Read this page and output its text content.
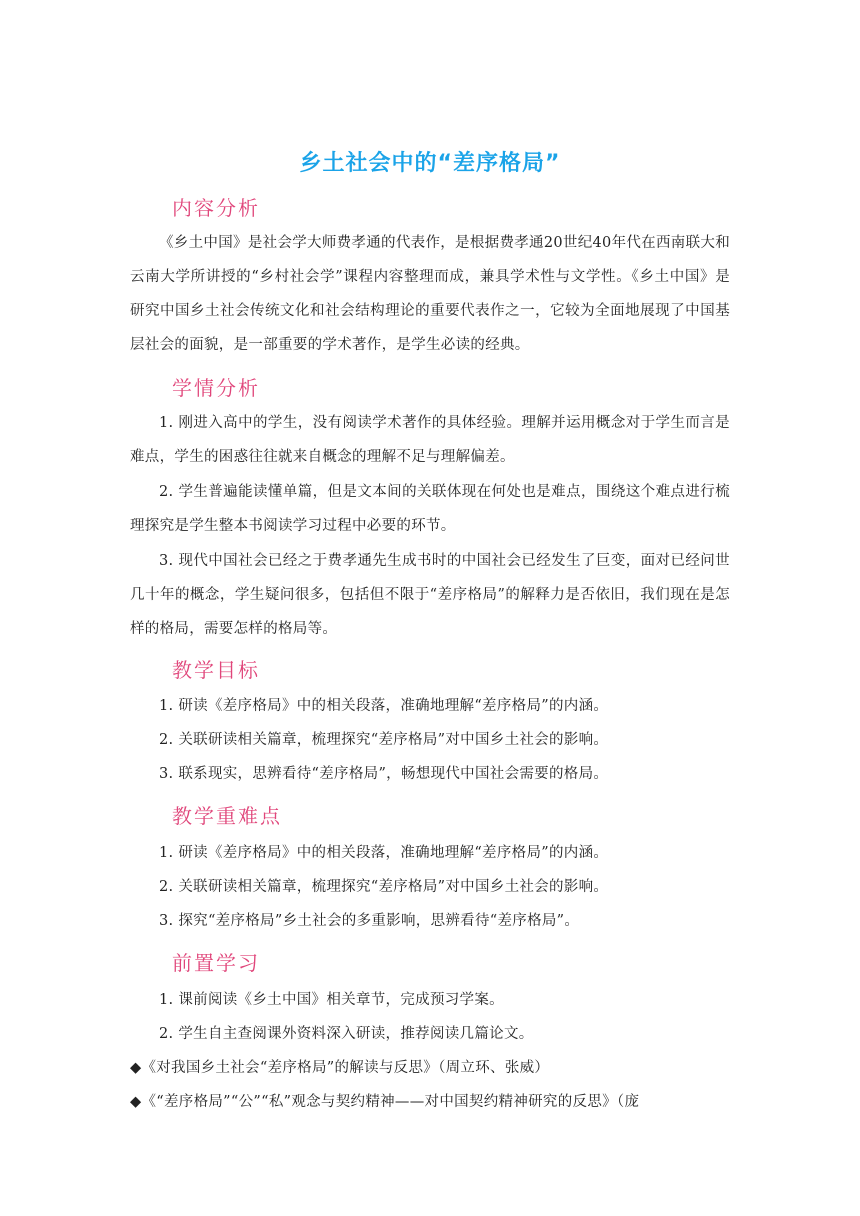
乡土社会中的“差序格局”
内容分析
《乡土中国》是社会学大师费孝通的代表作，是根据费孝通20世纪40年代在西南联大和云南大学所讲授的“乡村社会学”课程内容整理而成，兼具学术性与文学性。《乡土中国》是研究中国乡土社会传统文化和社会结构理论的重要代表作之一，它较为全面地展现了中国基层社会的面貌，是一部重要的学术著作，是学生必读的经典。
学情分析
1. 刚进入高中的学生，没有阅读学术著作的具体经验。理解并运用概念对于学生而言是难点，学生的困惑往往就来自概念的理解不足与理解偏差。
2. 学生普遍能读懂单篇，但是文本间的关联体现在何处也是难点，围绕这个难点进行梳理探究是学生整本书阅读学习过程中必要的环节。
3. 现代中国社会已经之于费孝通先生成书时的中国社会已经发生了巨变，面对已经问世几十年的概念，学生疑问很多，包括但不限于“差序格局”的解释力是否依旧，我们现在是怎样的格局，需要怎样的格局等。
教学目标
1. 研读《差序格局》中的相关段落，准确地理解“差序格局”的内涵。
2. 关联研读相关篇章，梳理探究“差序格局”对中国乡土社会的影响。
3. 联系现实，思辨看待“差序格局”，畅想现代中国社会需要的格局。
教学重难点
1. 研读《差序格局》中的相关段落，准确地理解“差序格局”的内涵。
2. 关联研读相关篇章，梳理探究“差序格局”对中国乡土社会的影响。
3. 探究“差序格局”乡土社会的多重影响，思辨看待“差序格局”。
前置学习
1. 课前阅读《乡土中国》相关章节，完成预习学案。
2. 学生自主查阅课外资料深入研读，推荐阅读几篇论文。
◆《对我国乡土社会“差序格局”的解读与反思》（周立环、张威）
◆《“差序格局”“公”“私”观念与契约精神——对中国契约精神研究的反思》（庞
